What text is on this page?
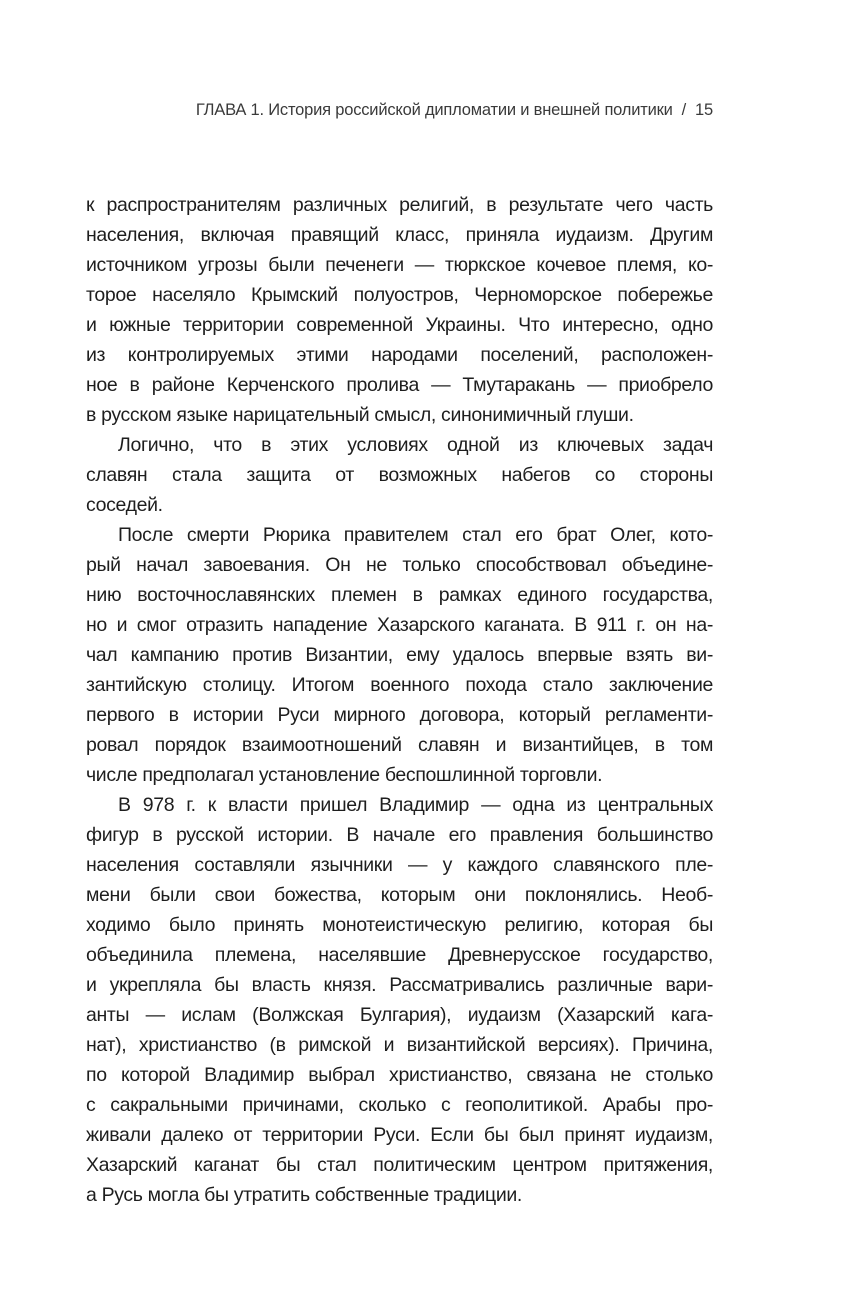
ГЛАВА 1. История российской дипломатии и внешней политики / 15
к распространителям различных религий, в результате чего часть
населения, включая правящий класс, приняла иудаизм. Другим
источником угрозы были печенеги — тюркское кочевое племя, ко-
торое населяло Крымский полуостров, Черноморское побережье
и южные территории современной Украины. Что интересно, одно
из контролируемых этими народами поселений, расположен-
ное в районе Керченского пролива — Тмутаракань — приобрело
в русском языке нарицательный смысл, синонимичный глуши.
Логично, что в этих условиях одной из ключевых задач
славян стала защита от возможных набегов со стороны
соседей.
После смерти Рюрика правителем стал его брат Олег, кото-
рый начал завоевания. Он не только способствовал объедине-
нию восточнославянских племен в рамках единого государства,
но и смог отразить нападение Хазарского каганата. В 911 г. он на-
чал кампанию против Византии, ему удалось впервые взять ви-
зантийскую столицу. Итогом военного похода стало заключение
первого в истории Руси мирного договора, который регламенти-
ровал порядок взаимоотношений славян и византийцев, в том
числе предполагал установление беспошлинной торговли.
В 978 г. к власти пришел Владимир — одна из центральных
фигур в русской истории. В начале его правления большинство
населения составляли язычники — у каждого славянского пле-
мени были свои божества, которым они поклонялись. Необ-
ходимо было принять монотеистическую религию, которая бы
объединила племена, населявшие Древнерусское государство,
и укрепляла бы власть князя. Рассматривались различные вари-
анты — ислам (Волжская Булгария), иудаизм (Хазарский кага-
нат), христианство (в римской и византийской версиях). Причина,
по которой Владимир выбрал христианство, связана не столько
с сакральными причинами, сколько с геополитикой. Арабы про-
живали далеко от территории Руси. Если бы был принят иудаизм,
Хазарский каганат бы стал политическим центром притяжения,
а Русь могла бы утратить собственные традиции.
